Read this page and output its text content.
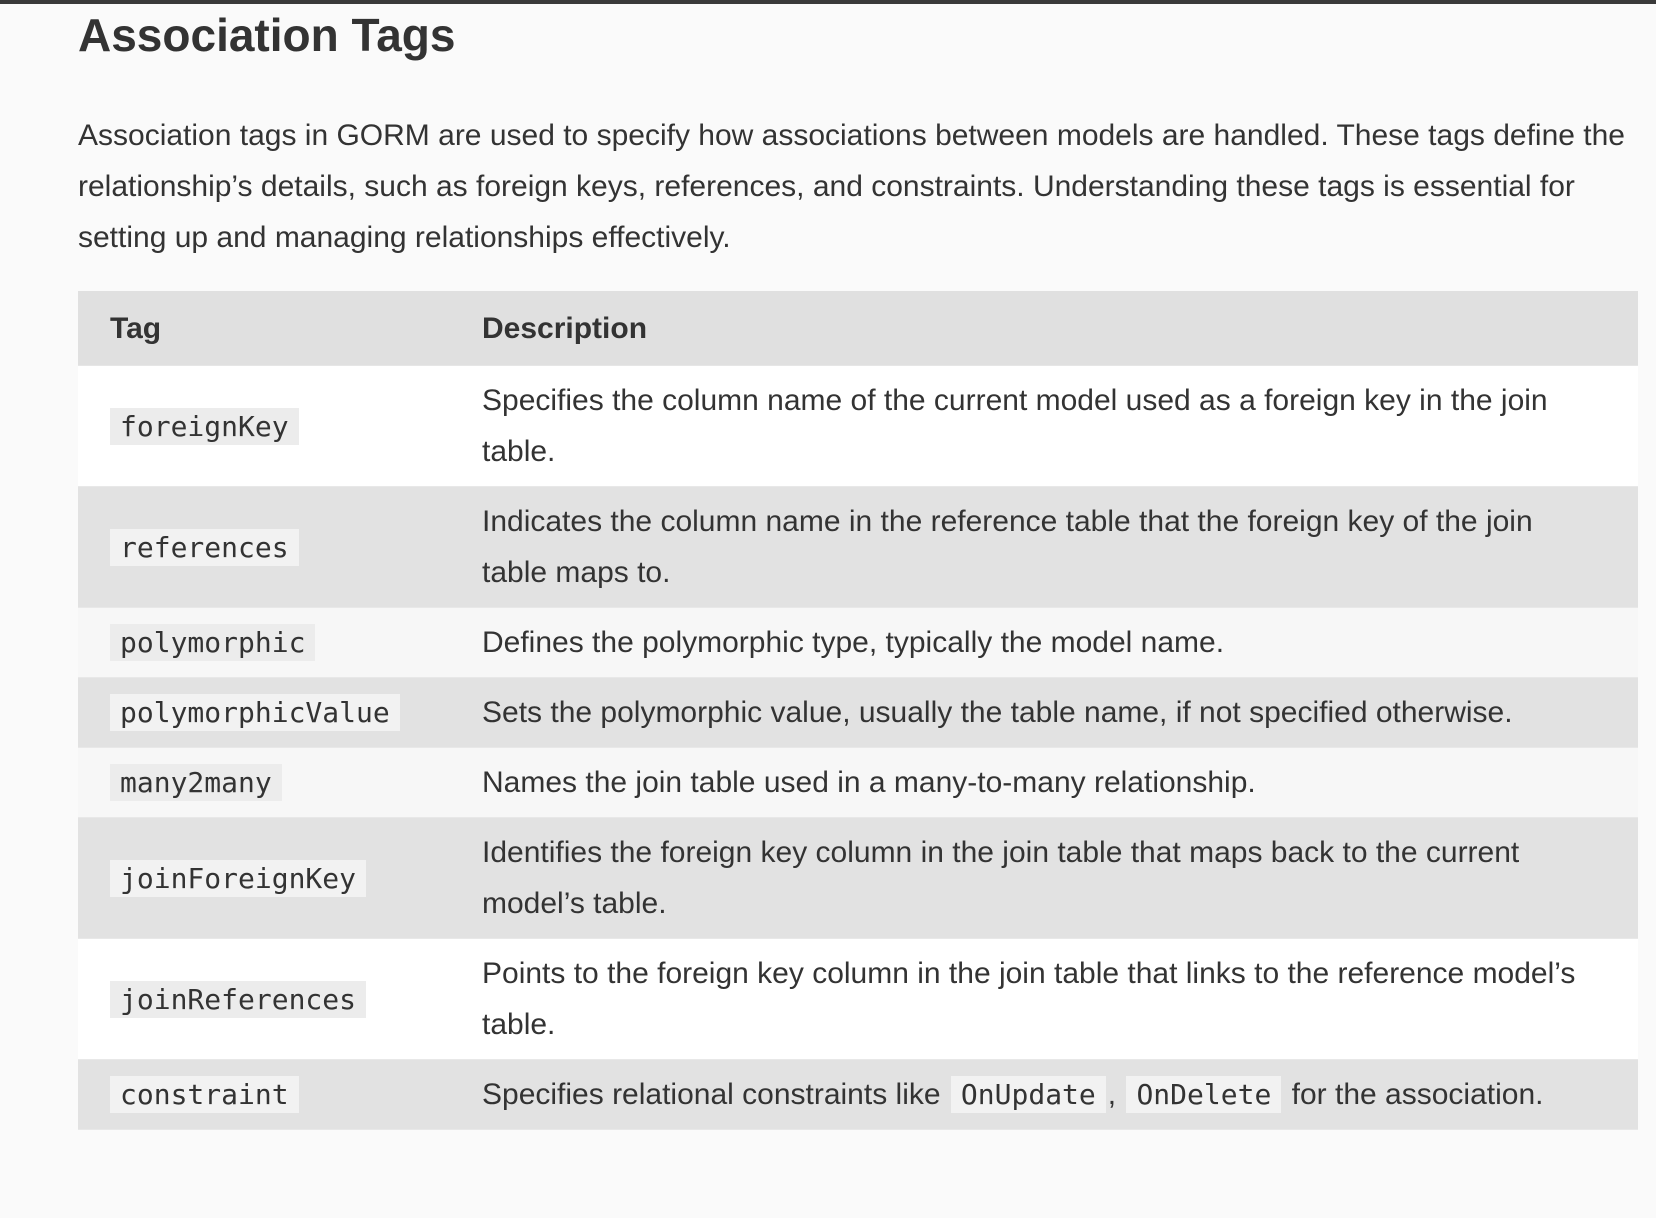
Association Tags

Association tags in GORM are used to specify how associations between models are handled. These tags define the relationship’s details, such as foreign keys, references, and constraints. Understanding these tags is essential for setting up and managing relationships effectively.

Tag	Description
foreignKey	Specifies the column name of the current model used as a foreign key in the join table.
references	Indicates the column name in the reference table that the foreign key of the join table maps to.
polymorphic	Defines the polymorphic type, typically the model name.
polymorphicValue	Sets the polymorphic value, usually the table name, if not specified otherwise.
many2many	Names the join table used in a many-to-many relationship.
joinForeignKey	Identifies the foreign key column in the join table that maps back to the current model’s table.
joinReferences	Points to the foreign key column in the join table that links to the reference model’s table.
constraint	Specifies relational constraints like OnUpdate , OnDelete for the association.
